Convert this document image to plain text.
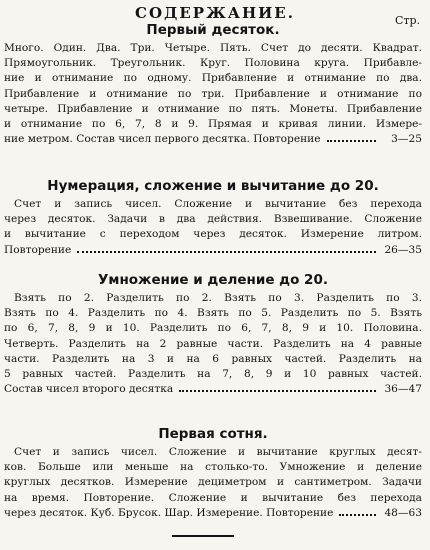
СОДЕРЖАНИЕ.	Стр.
Первый десяток.
Много. Один. Два. Три. Четыре. Пять. Счет до десяти. Квадрат.
Прямоугольник. Треугольник. Круг. Половина круга. Прибавле-
ние и отнимание по одному. Прибавление и отнимание по два.
Прибавление и отнимание по три. Прибавление и отнимание по
четыре. Прибавление и отнимание по пять. Монеты. Прибавление
и отнимание по 6, 7, 8 и 9. Прямая и кривая линии. Измере-
ние метром. Состав чисел первого десятка. Повторение	3—25
Нумерация, сложение и вычитание до 20.
Счет и запись чисел. Сложение и вычитание без перехода
через десяток. Задачи в два действия. Взвешивание. Сложение
и вычитание с переходом через десяток. Измерение литром.
Повторение	26—35
Умножение и деление до 20.
Взять по 2. Разделить по 2. Взять по 3. Разделить по 3.
Взять по 4. Разделить по 4. Взять по 5. Разделить по 5. Взять
по 6, 7, 8, 9 и 10. Разделить по 6, 7, 8, 9 и 10. Половина.
Четверть. Разделить на 2 равные части. Разделить на 4 равные
части. Разделить на 3 и на 6 равных частей. Разделить на
5 равных частей. Разделить на 7, 8, 9 и 10 равных частей.
Состав чисел второго десятка	36—47
Первая сотня.
Счет и запись чисел. Сложение и вычитание круглых десят-
ков. Больше или меньше на столько-то. Умножение и деление
круглых десятков. Измерение дециметром и сантиметром. Задачи
на время. Повторение. Сложение и вычитание без перехода
через десяток. Куб. Брусок. Шар. Измерение. Повторение	48—63
